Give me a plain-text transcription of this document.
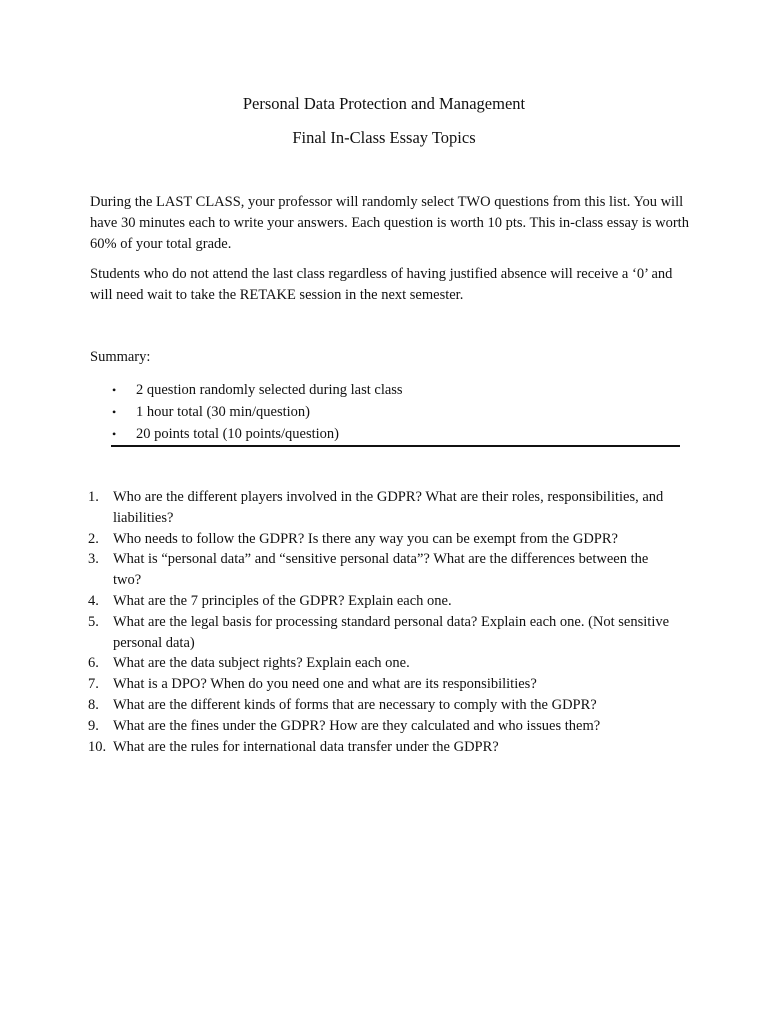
Personal Data Protection and Management
Final In-Class Essay Topics

During the LAST CLASS, your professor will randomly select TWO questions from this list. You will have 30 minutes each to write your answers. Each question is worth 10 pts. This in-class essay is worth 60% of your total grade.

Students who do not attend the last class regardless of having justified absence will receive a ‘0’ and will need wait to take the RETAKE session in the next semester.

Summary:

• 2 question randomly selected during last class
• 1 hour total (30 min/question)
• 20 points total (10 points/question)
1. Who are the different players involved in the GDPR? What are their roles, responsibilities, and liabilities?
2. Who needs to follow the GDPR? Is there any way you can be exempt from the GDPR?
3. What is “personal data” and “sensitive personal data”? What are the differences between the two?
4. What are the 7 principles of the GDPR? Explain each one.
5. What are the legal basis for processing standard personal data? Explain each one. (Not sensitive personal data)
6. What are the data subject rights? Explain each one.
7. What is a DPO? When do you need one and what are its responsibilities?
8. What are the different kinds of forms that are necessary to comply with the GDPR?
9. What are the fines under the GDPR? How are they calculated and who issues them?
10. What are the rules for international data transfer under the GDPR?
